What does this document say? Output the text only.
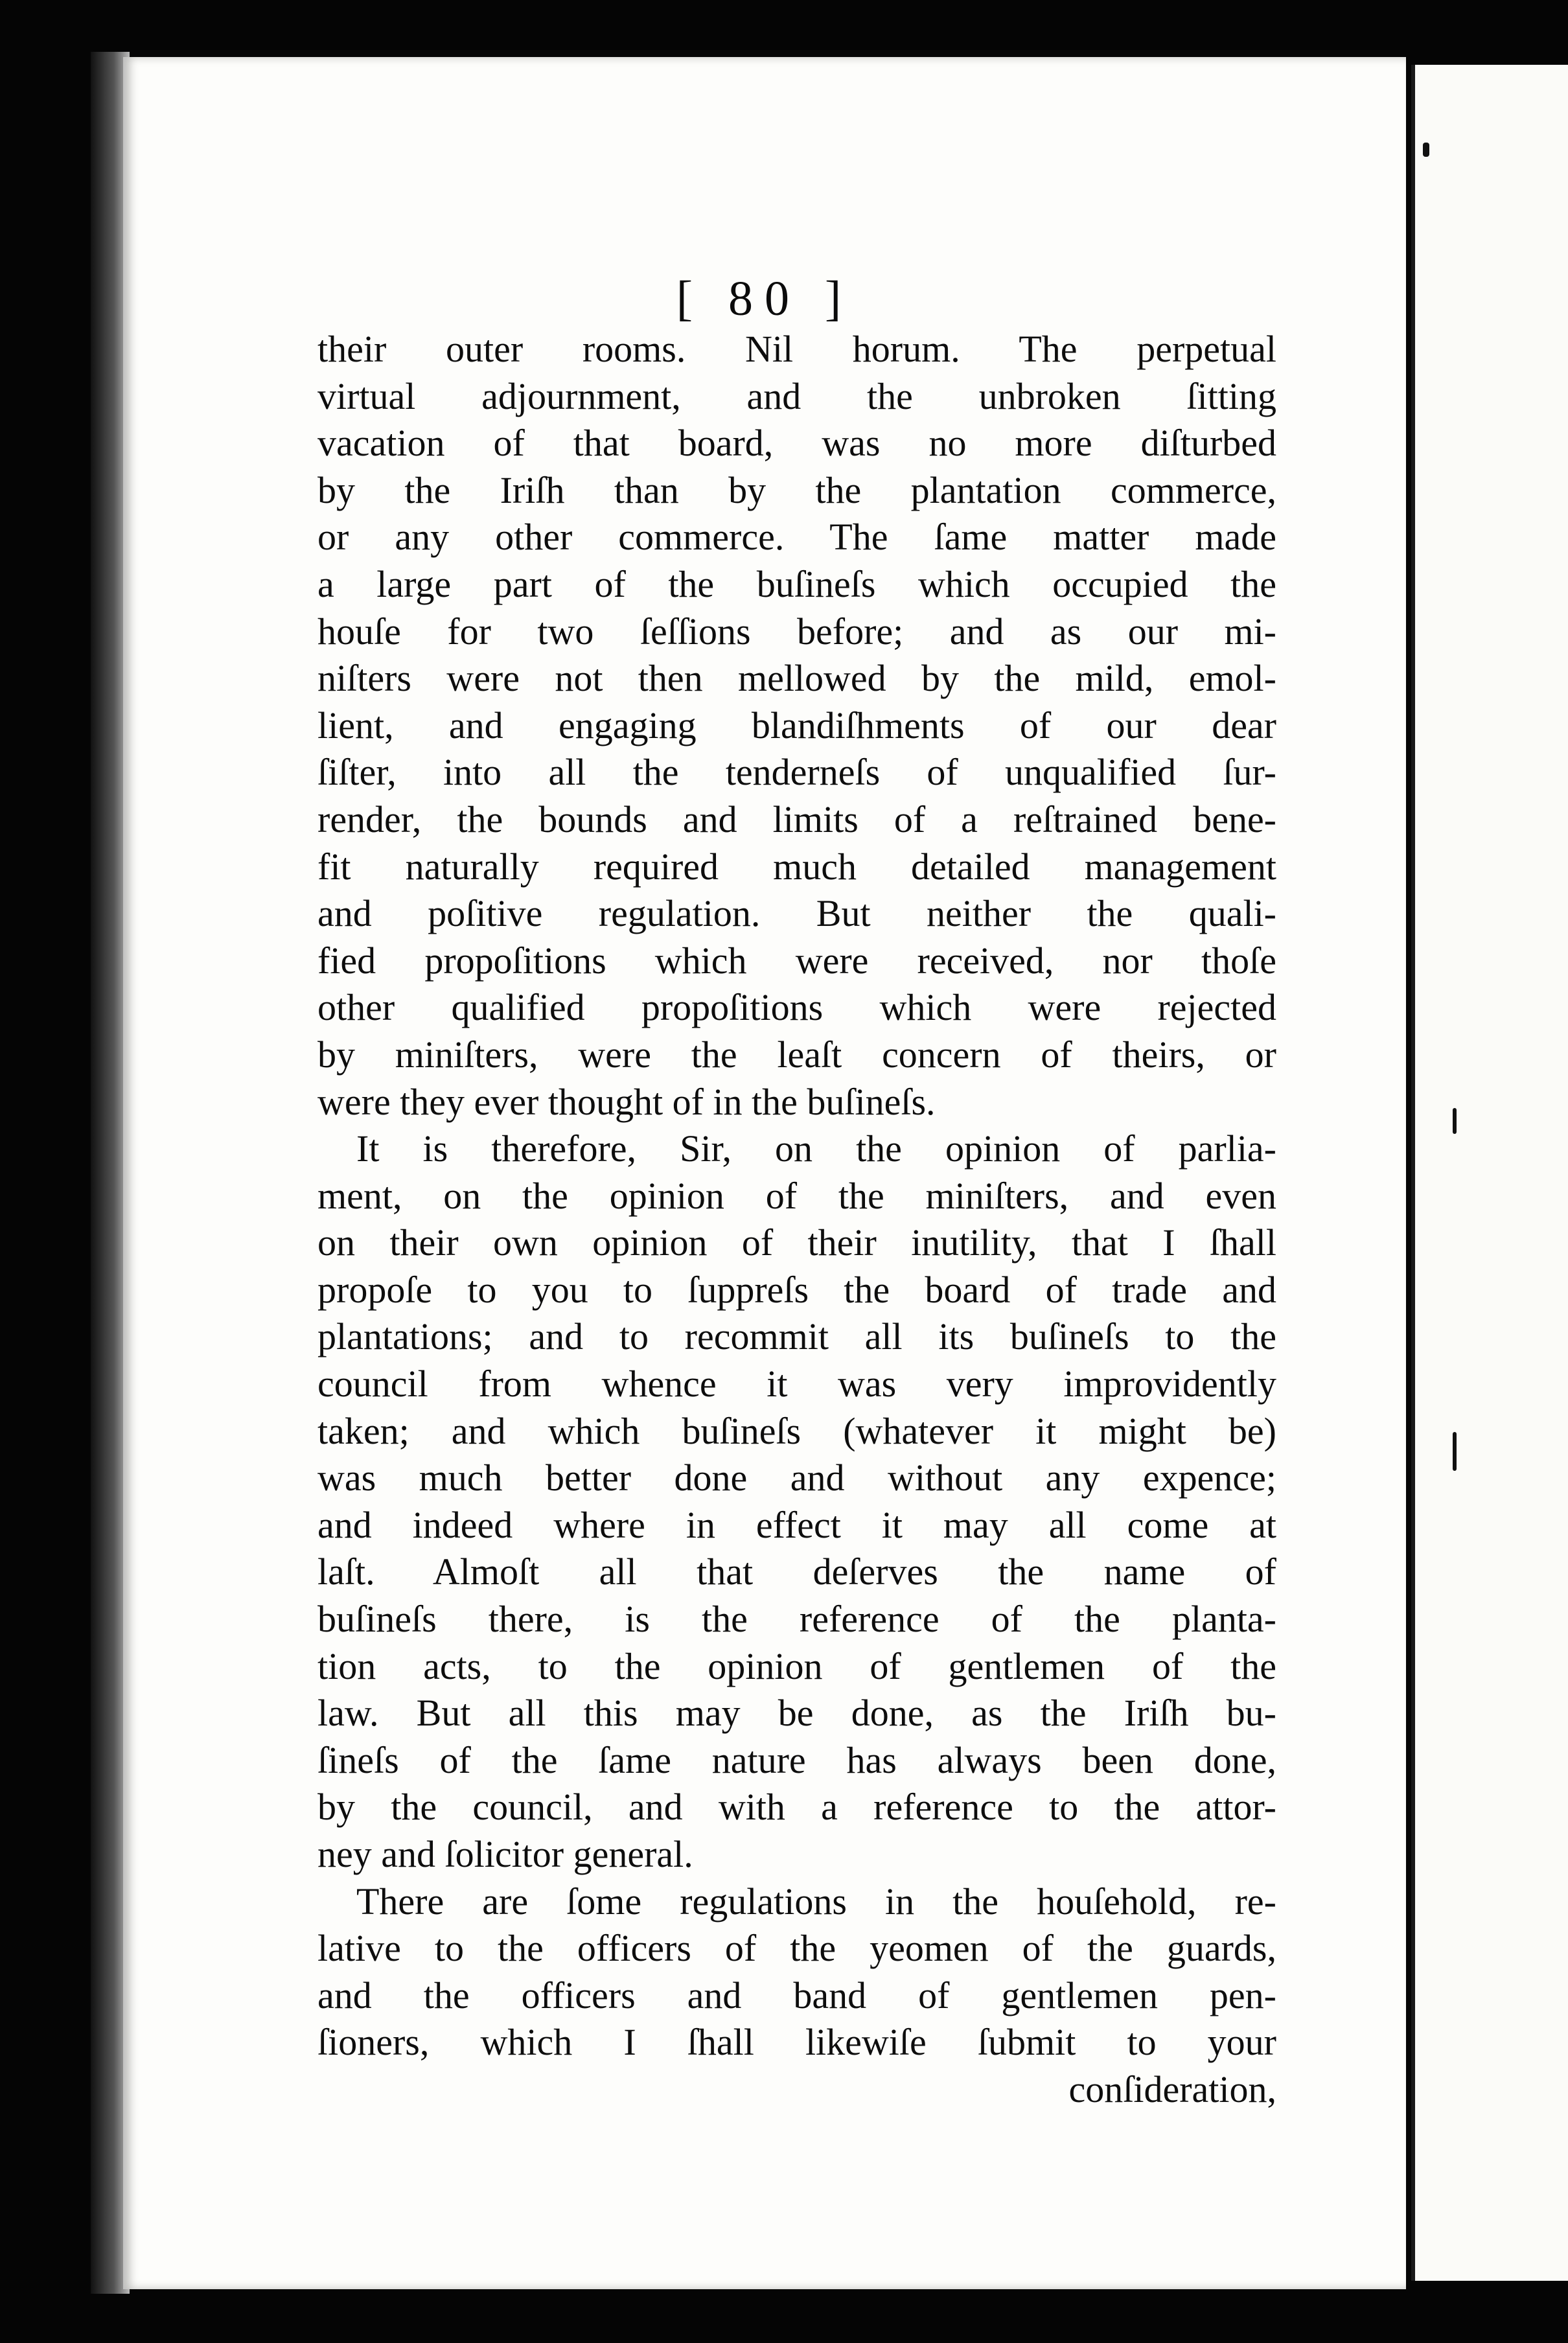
[ 80 ]
their outer rooms. Nil horum. The perpetual
virtual adjournment, and the unbroken ſitting
vacation of that board, was no more diſturbed
by the Iriſh than by the plantation commerce,
or any other commerce. The ſame matter made
a large part of the buſineſs which occupied the
houſe for two ſeſſions before; and as our mi-
niſters were not then mellowed by the mild, emol-
lient, and engaging blandiſhments of our dear
ſiſter, into all the tenderneſs of unqualified ſur-
render, the bounds and limits of a reſtrained bene-
fit naturally required much detailed management
and poſitive regulation. But neither the quali-
fied propoſitions which were received, nor thoſe
other qualified propoſitions which were rejected
by miniſters, were the leaſt concern of theirs, or
were they ever thought of in the buſineſs.
It is therefore, Sir, on the opinion of parlia-
ment, on the opinion of the miniſters, and even
on their own opinion of their inutility, that I ſhall
propoſe to you to ſuppreſs the board of trade and
plantations; and to recommit all its buſineſs to the
council from whence it was very improvidently
taken; and which buſineſs (whatever it might be)
was much better done and without any expence;
and indeed where in effect it may all come at
laſt. Almoſt all that deſerves the name of
buſineſs there, is the reference of the planta-
tion acts, to the opinion of gentlemen of the
law. But all this may be done, as the Iriſh bu-
ſineſs of the ſame nature has always been done,
by the council, and with a reference to the attor-
ney and ſolicitor general.
There are ſome regulations in the houſehold, re-
lative to the officers of the yeomen of the guards,
and the officers and band of gentlemen pen-
ſioners, which I ſhall likewiſe ſubmit to your
conſideration,
